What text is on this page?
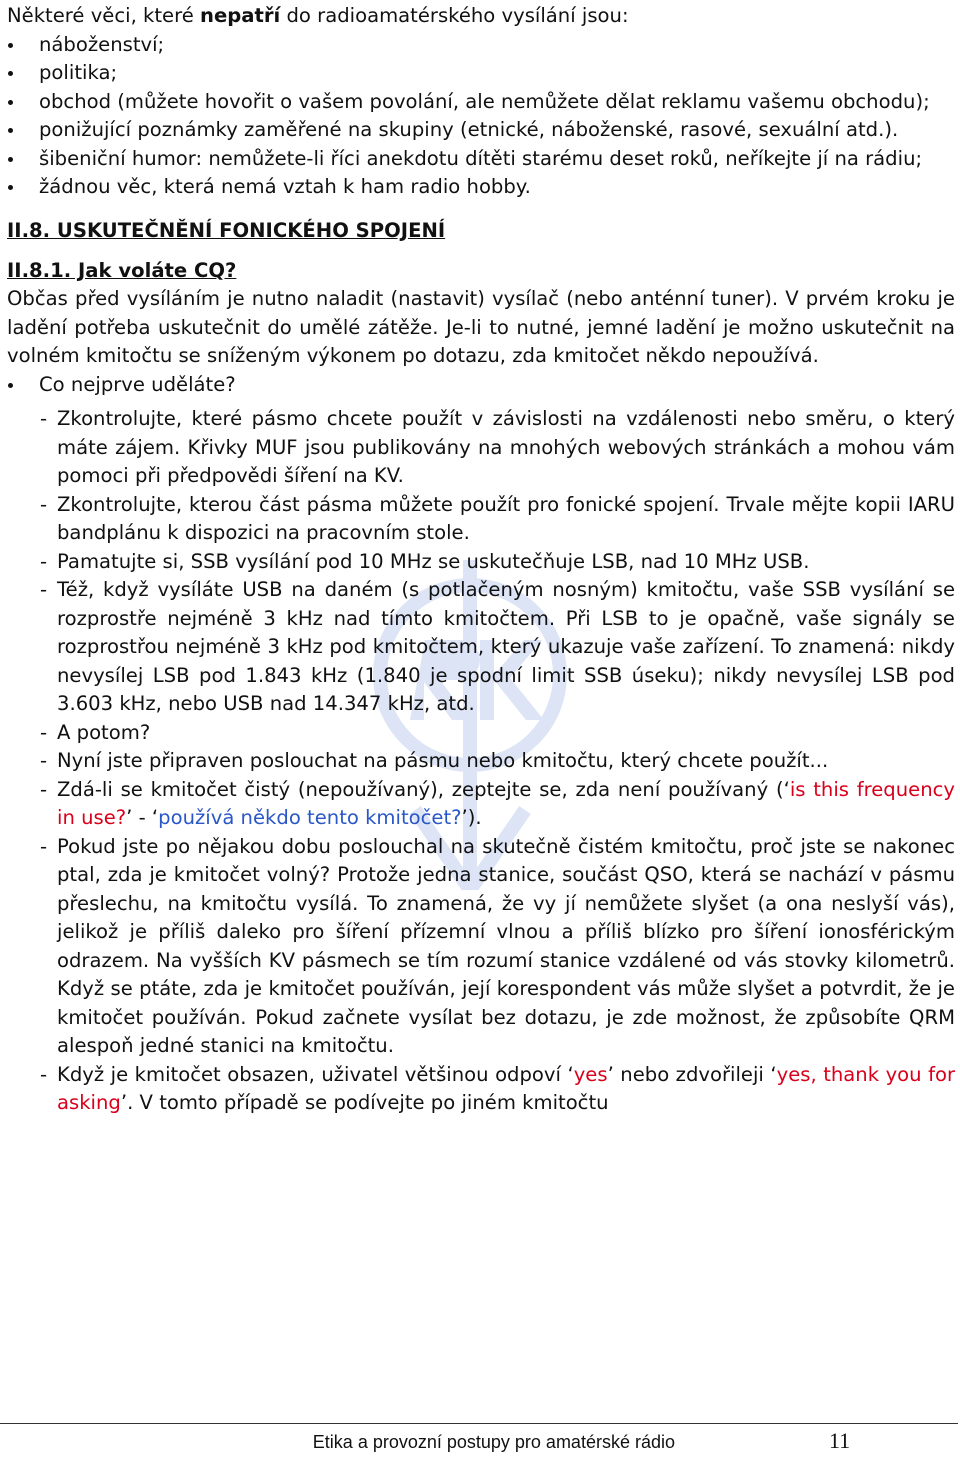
Některé věci, které nepatří do radioamatérského vysílání jsou:

náboženství;
politika;
obchod (můžete hovořit o vašem povolání, ale nemůžete dělat reklamu vašemu obchodu);
ponižující poznámky zaměřené na skupiny (etnické, náboženské, rasové, sexuální atd.).
šibeniční humor: nemůžete-li říci anekdotu dítěti starému deset roků, neříkejte jí na rádiu;
žádnou věc, která nemá vztah k ham radio hobby.
II.8. USKUTEČNĚNÍ FONICKÉHO SPOJENÍ
II.8.1. Jak voláte CQ?

Občas před vysíláním je nutno naladit (nastavit) vysílač (nebo anténní tuner). V prvém kroku je ladění potřeba uskutečnit do umělé zátěže. Je-li to nutné, jemné ladění je možno uskutečnit na volném kmitočtu se sníženým výkonem po dotazu, zda kmitočet někdo nepoužívá.

Co nejprve uděláte?
- Zkontrolujte, které pásmo chcete použít v závislosti na vzdálenosti nebo směru, o který máte zájem. Křivky MUF jsou publikovány na mnohých webových stránkách a mohou vám pomoci při předpovědi šíření na KV.
- Zkontrolujte, kterou část pásma můžete použít pro fonické spojení. Trvale mějte kopii IARU bandplánu k dispozici na pracovním stole.
- Pamatujte si, SSB vysílání pod 10 MHz se uskutečňuje LSB, nad 10 MHz USB.
- Též, když vysíláte USB na daném (s potlačeným nosným) kmitočtu, vaše SSB vysílání se rozprostře nejméně 3 kHz nad tímto kmitočtem. Při LSB to je opačně, vaše signály se rozprostřou nejméně 3 kHz pod kmitočtem, který ukazuje vaše zařízení. To znamená: nikdy nevysílej LSB pod 1.843 kHz (1.840 je spodní limit SSB úseku); nikdy nevysílej LSB pod 3.603 kHz, nebo USB nad 14.347 kHz, atd.
- A potom?
- Nyní jste připraven poslouchat na pásmu nebo kmitočtu, který chcete použít...
- Zdá-li se kmitočet čistý (nepoužívaný), zeptejte se, zda není používaný (‘is this frequency in use?’ - ‘používá někdo tento kmitočet?’).
- Pokud jste po nějakou dobu poslouchal na skutečně čistém kmitočtu, proč jste se nakonec ptal, zda je kmitočet volný? Protože jedna stanice, součást QSO, která se nachází v pásmu přeslechu, na kmitočtu vysílá. To znamená, že vy jí nemůžete slyšet (a ona neslyší vás), jelikož je příliš daleko pro šíření přízemní vlnou a příliš blízko pro šíření ionosférickým odrazem. Na vyšších KV pásmech se tím rozumí stanice vzdálené od vás stovky kilometrů. Když se ptáte, zda je kmitočet používán, její korespondent vás může slyšet a potvrdit, že je kmitočet používán. Pokud začnete vysílat bez dotazu, je zde možnost, že způsobíte QRM alespoň jedné stanici na kmitočtu.
- Když je kmitočet obsazen, uživatel většinou odpoví ‘yes’ nebo zdvořileji ‘yes, thank you for asking’. V tomto případě se podívejte po jiném kmitočtu
Etika a provozní postupy pro amatérské rádio	11
